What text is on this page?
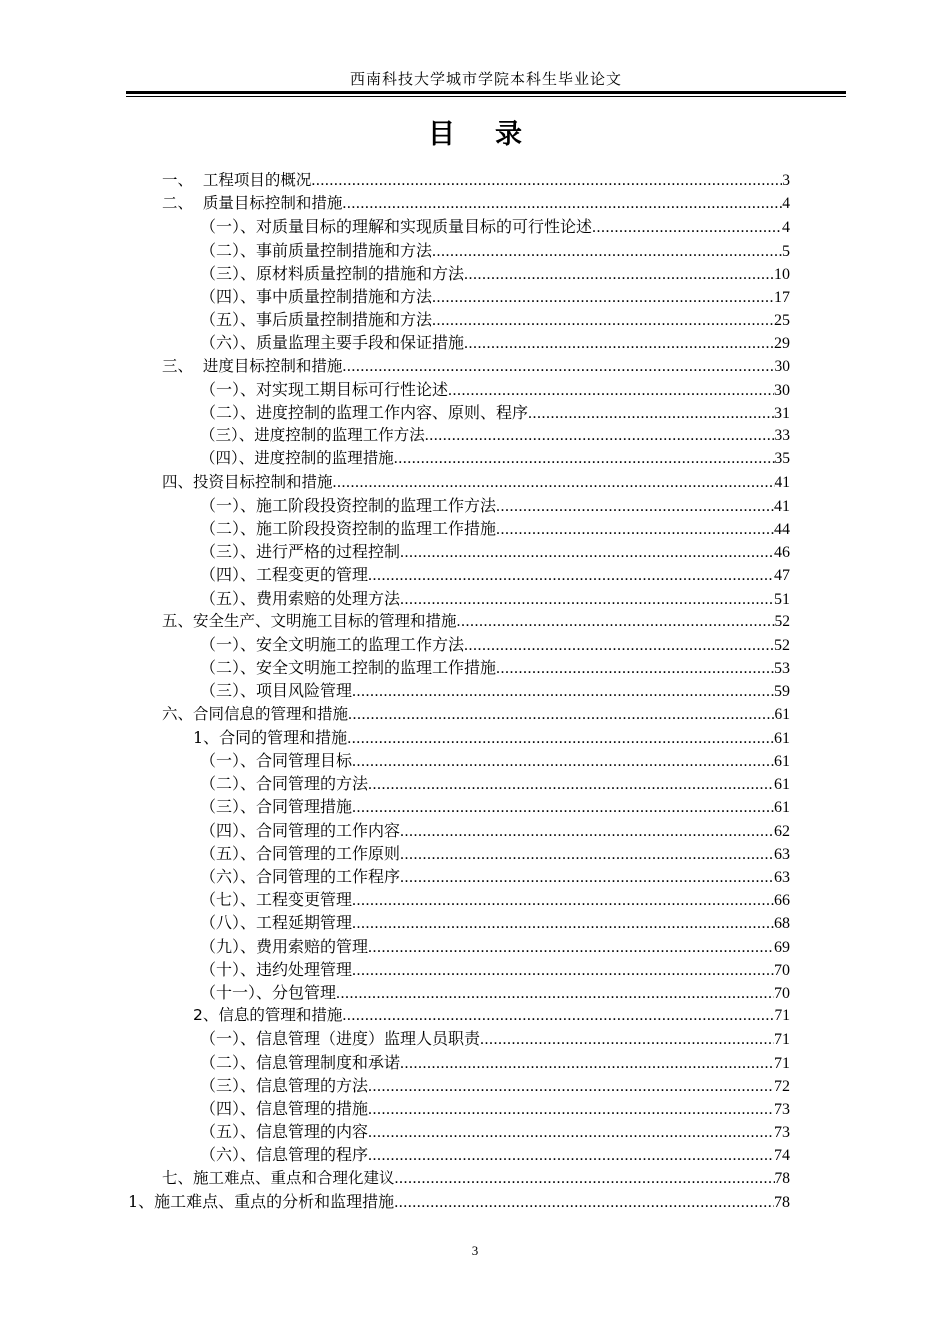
西南科技大学城市学院本科生毕业论文
目 录
一、  工程项目的概况 .....	3
二、  质量目标控制和措施 .....	4
（一）、对质量目标的理解和实现质量目标的可行性论述 .....	4
（二）、事前质量控制措施和方法 .....	5
（三）、原材料质量控制的措施和方法 .....	10
（四）、事中质量控制措施和方法 .....	17
（五）、事后质量控制措施和方法 .....	25
（六）、质量监理主要手段和保证措施 .....	29
三、  进度目标控制和措施 .....	30
（一）、对实现工期目标可行性论述 .....	30
（二）、进度控制的监理工作内容、原则、程序 .....	31
（三）、进度控制的监理工作方法 .....	33
（四）、进度控制的监理措施 .....	35
四、投资目标控制和措施 .....	41
（一）、施工阶段投资控制的监理工作方法 .....	41
（二）、施工阶段投资控制的监理工作措施 .....	44
（三）、进行严格的过程控制 .....	46
（四）、工程变更的管理 .....	47
（五）、费用索赔的处理方法 .....	51
五、安全生产、文明施工目标的管理和措施 .....	52
（一）、安全文明施工的监理工作方法 .....	52
（二）、安全文明施工控制的监理工作措施 .....	53
（三）、项目风险管理 .....	59
六、合同信息的管理和措施 .....	61
1、合同的管理和措施 .....	61
（一）、合同管理目标 .....	61
（二）、合同管理的方法 .....	61
（三）、合同管理措施 .....	61
（四）、合同管理的工作内容 .....	62
（五）、合同管理的工作原则 .....	63
（六）、合同管理的工作程序 .....	63
（七）、工程变更管理 .....	66
（八）、工程延期管理 .....	68
（九）、费用索赔的管理 .....	69
（十）、违约处理管理 .....	70
（十一）、分包管理 .....	70
2、信息的管理和措施 .....	71
（一）、信息管理（进度）监理人员职责 .....	71
（二）、信息管理制度和承诺 .....	71
（三）、信息管理的方法 .....	72
（四）、信息管理的措施 .....	73
（五）、信息管理的内容 .....	73
（六）、信息管理的程序 .....	74
七、施工难点、重点和合理化建议 .....	78
1、施工难点、重点的分析和监理措施 .....	78
3
